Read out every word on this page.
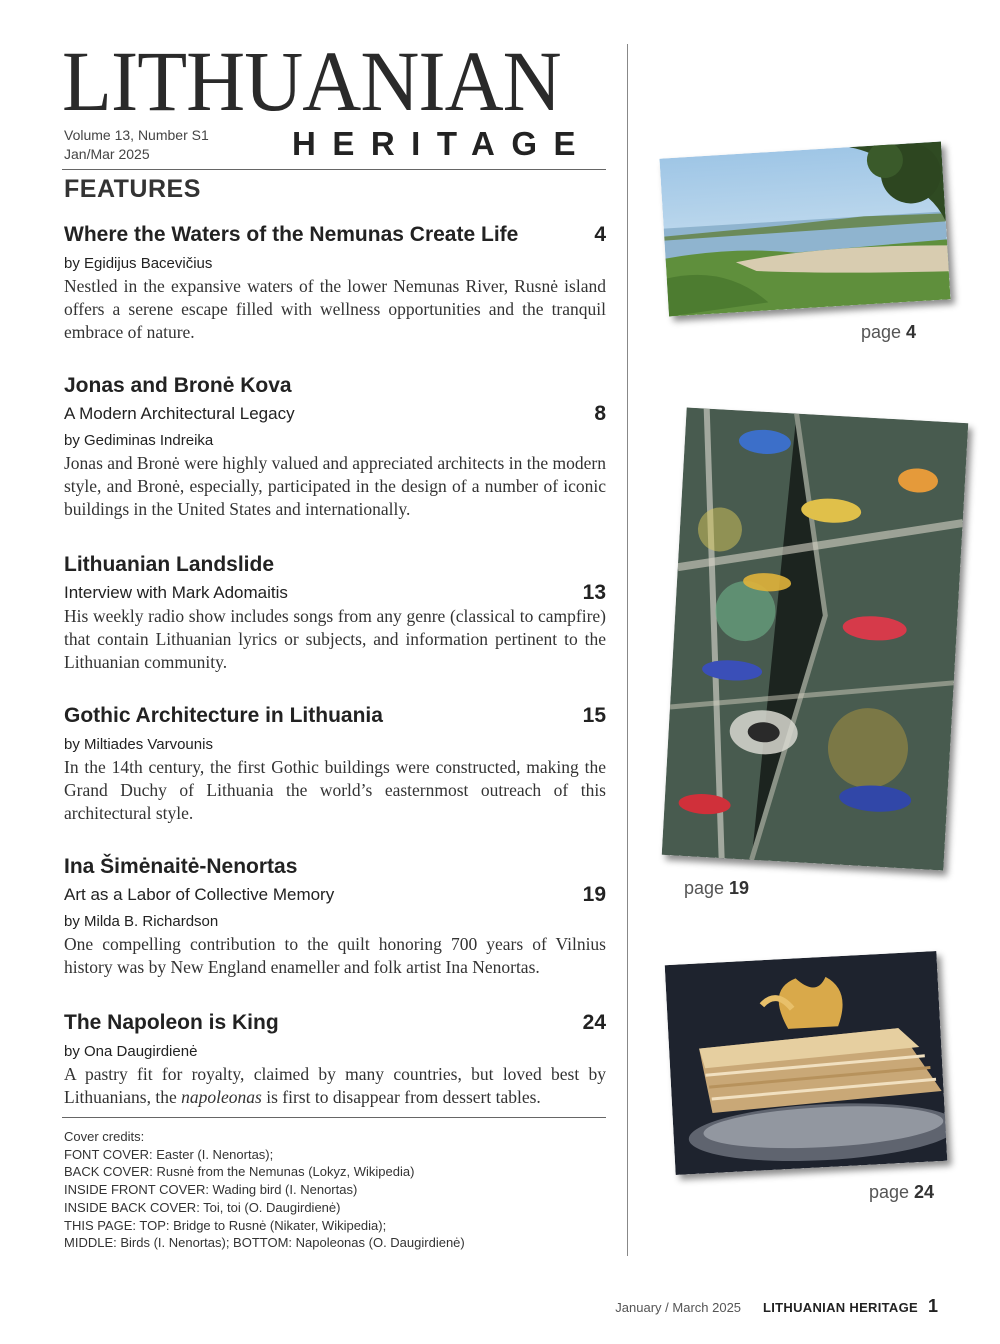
LITHUANIAN
Volume 13, Number S1
Jan/Mar 2025	HERITAGE
FEATURES
Where the Waters of the Nemunas Create Life	4
by Egidijus Bacevičius
Nestled in the expansive waters of the lower Nemunas River, Rusnė island offers a serene escape filled with wellness opportunities and the tranquil embrace of nature.
Jonas and Bronė Kova
A Modern Architectural Legacy	8
by Gediminas Indreika
Jonas and Bronė were highly valued and appreciated architects in the modern style, and Bronė, especially, participated in the design of a number of iconic buildings in the United States and internationally.
Lithuanian Landslide
Interview with Mark Adomaitis	13
His weekly radio show includes songs from any genre (classical to campfire) that contain Lithuanian lyrics or subjects, and information pertinent to the Lithuanian community.
Gothic Architecture in Lithuania	15
by Miltiades Varvounis
In the 14th century, the first Gothic buildings were constructed, making the Grand Duchy of Lithuania the world’s easternmost outreach of this architectural style.
Ina Šimėnaitė-Nenortas
Art as a Labor of Collective Memory	19
by Milda B. Richardson
One compelling contribution to the quilt honoring 700 years of Vilnius history was by New England enameller and folk artist Ina Nenortas.
The Napoleon is King	24
by Ona Daugirdienė
A pastry fit for royalty, claimed by many countries, but loved best by Lithuanians, the napoleonas is first to disappear from dessert tables.
Cover credits:
FONT COVER: Easter (I. Nenortas);
BACK COVER: Rusnė from the Nemunas (Lokyz, Wikipedia)
INSIDE FRONT COVER: Wading bird (I. Nenortas)
INSIDE BACK COVER: Toi, toi (O. Daugirdienė)
THIS PAGE: TOP: Bridge to Rusnė (Nikater, Wikipedia);
MIDDLE: Birds (I. Nenortas); BOTTOM: Napoleonas (O. Daugirdienė)
page 4
page 19
page 24
January / March 2025 LITHUANIAN HERITAGE 1
